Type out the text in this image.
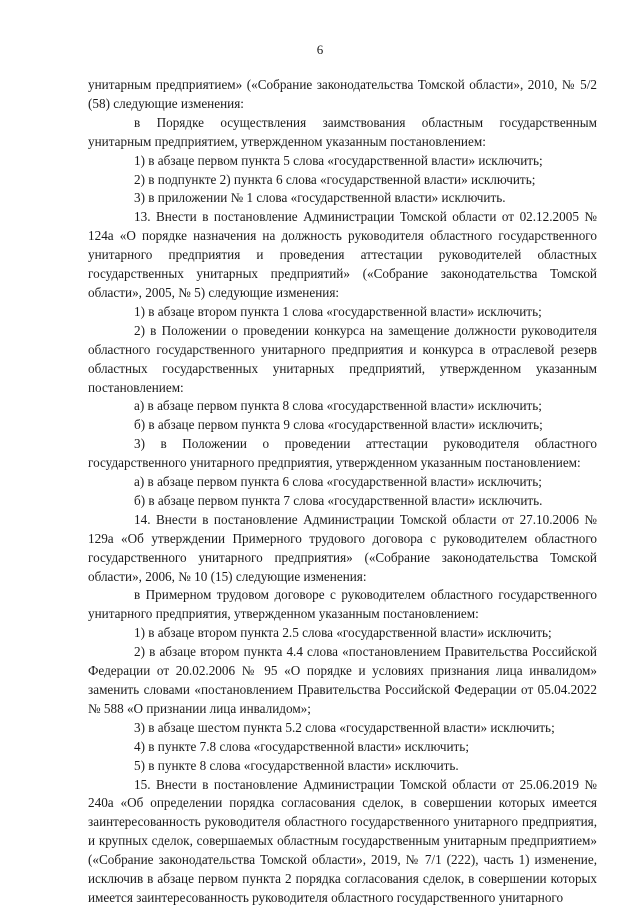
6

унитарным предприятием» («Собрание законодательства Томской области», 2010, № 5/2 (58) следующие изменения:

в Порядке осуществления заимствования областным государственным унитарным предприятием, утвержденном указанным постановлением:

1) в абзаце первом пункта 5 слова «государственной власти» исключить;

2) в подпункте 2) пункта 6 слова «государственной власти» исключить;

3) в приложении № 1 слова «государственной власти» исключить.

13. Внести в постановление Администрации Томской области от 02.12.2005 № 124а «О порядке назначения на должность руководителя областного государственного унитарного предприятия и проведения аттестации руководителей областных государственных унитарных предприятий» («Собрание законодательства Томской области», 2005, № 5) следующие изменения:

1) в абзаце втором пункта 1 слова «государственной власти» исключить;

2) в Положении о проведении конкурса на замещение должности руководителя областного государственного унитарного предприятия и конкурса в отраслевой резерв областных государственных унитарных предприятий, утвержденном указанным постановлением:

а) в абзаце первом пункта 8 слова «государственной власти» исключить;

б) в абзаце первом пункта 9 слова «государственной власти» исключить;

3) в Положении о проведении аттестации руководителя областного государственного унитарного предприятия, утвержденном указанным постановлением:

а) в абзаце первом пункта 6 слова «государственной власти» исключить;

б) в абзаце первом пункта 7 слова «государственной власти» исключить.

14. Внести в постановление Администрации Томской области от 27.10.2006 № 129а «Об утверждении Примерного трудового договора с руководителем областного государственного унитарного предприятия» («Собрание законодательства Томской области», 2006, № 10 (15) следующие изменения:

в Примерном трудовом договоре с руководителем областного государственного унитарного предприятия, утвержденном указанным постановлением:

1) в абзаце втором пункта 2.5 слова «государственной власти» исключить;

2) в абзаце втором пункта 4.4 слова «постановлением Правительства Российской Федерации от 20.02.2006 № 95 «О порядке и условиях признания лица инвалидом» заменить словами «постановлением Правительства Российской Федерации от 05.04.2022 № 588 «О признании лица инвалидом»;

3) в абзаце шестом пункта 5.2 слова «государственной власти» исключить;

4) в пункте 7.8 слова «государственной власти» исключить;

5) в пункте 8 слова «государственной власти» исключить.

15. Внести в постановление Администрации Томской области от 25.06.2019 № 240а «Об определении порядка согласования сделок, в совершении которых имеется заинтересованность руководителя областного государственного унитарного предприятия, и крупных сделок, совершаемых областным государственным унитарным предприятием» («Собрание законодательства Томской области», 2019, № 7/1 (222), часть 1) изменение, исключив в абзаце первом пункта 2 порядка согласования сделок, в совершении которых имеется заинтересованность руководителя областного государственного унитарного
